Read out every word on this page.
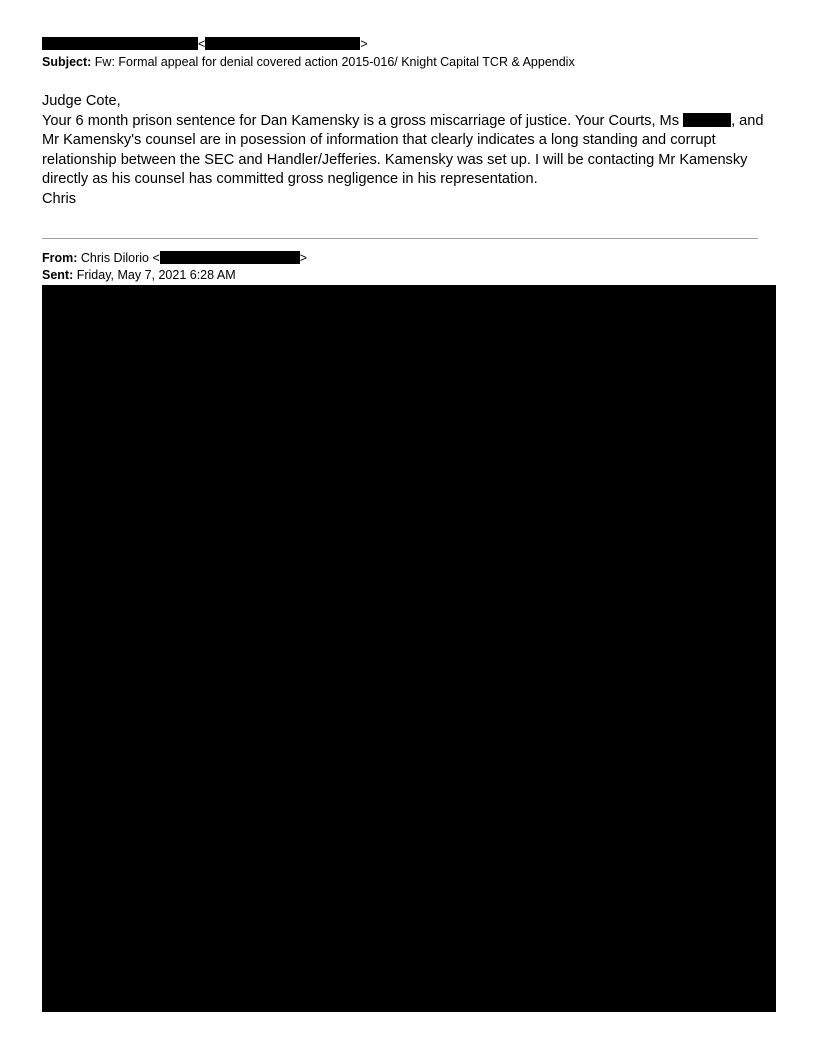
<	>
Subject: Fw: Formal appeal for denial covered action 2015-016/ Knight Capital TCR & Appendix

Judge Cote,

Your 6 month prison sentence for Dan Kamensky is a gross miscarriage of justice. Your Courts, Ms	, and Mr Kamensky's counsel are in posession of information that clearly indicates a long standing and corrupt relationship between the SEC and Handler/Jefferies. Kamensky was set up. I will be contacting Mr Kamensky directly as his counsel has committed gross negligence in his representation.

Chris

From: Chris Dilorio <	>
Sent: Friday, May 7, 2021 6:28 AM
